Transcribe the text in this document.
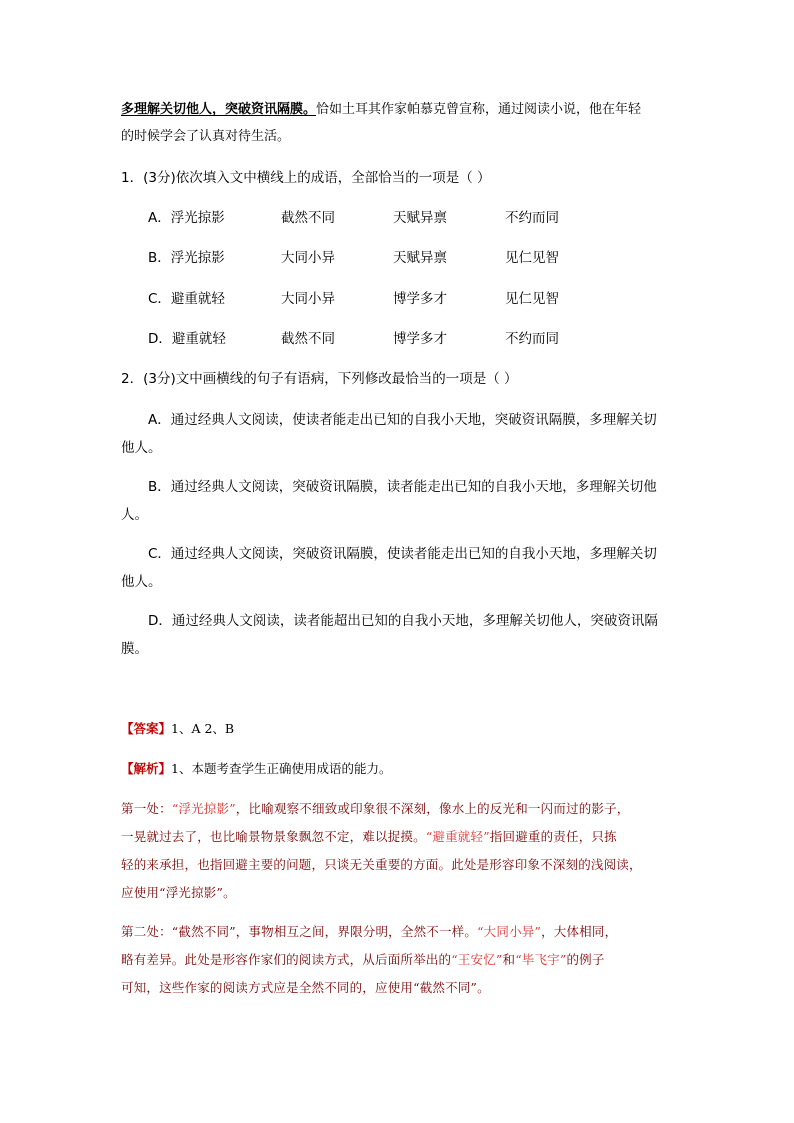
多理解关切他人，突破资讯隔膜。恰如土耳其作家帕慕克曾宣称，通过阅读小说，他在年轻
的时候学会了认真对待生活。
1．(3分)依次填入文中横线上的成语，全部恰当的一项是（ ）
A．浮光掠影	截然不同	天赋异禀	不约而同
B．浮光掠影	大同小异	天赋异禀	见仁见智
C．避重就轻	大同小异	博学多才	见仁见智
D．避重就轻	截然不同	博学多才	不约而同
2．(3分)文中画横线的句子有语病，下列修改最恰当的一项是（ ）
A．通过经典人文阅读，使读者能走出已知的自我小天地，突破资讯隔膜，多理解关切
他人。
B．通过经典人文阅读，突破资讯隔膜，读者能走出已知的自我小天地，多理解关切他
人。
C．通过经典人文阅读，突破资讯隔膜，使读者能走出已知的自我小天地，多理解关切
他人。
D．通过经典人文阅读，读者能超出已知的自我小天地，多理解关切他人，突破资讯隔
膜。
【答案】1、A 2、B
【解析】1、本题考查学生正确使用成语的能力。
第一处：“浮光掠影”，比喻观察不细致或印象很不深刻，像水上的反光和一闪而过的影子，
一晃就过去了，也比喻景物景象飘忽不定，难以捉摸。“避重就轻”指回避重的责任，只拣
轻的来承担，也指回避主要的问题，只谈无关重要的方面。此处是形容印象不深刻的浅阅读，
应使用“浮光掠影”。
第二处：“截然不同”，事物相互之间，界限分明，全然不一样。“大同小异”，大体相同，
略有差异。此处是形容作家们的阅读方式，从后面所举出的“王安忆”和“毕飞宇”的例子
可知，这些作家的阅读方式应是全然不同的，应使用“截然不同”。
